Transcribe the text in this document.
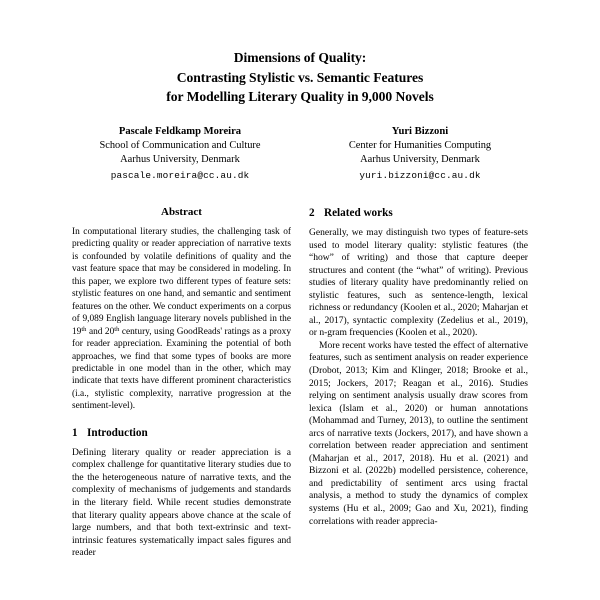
Dimensions of Quality:
Contrasting Stylistic vs. Semantic Features
for Modelling Literary Quality in 9,000 Novels
Pascale Feldkamp Moreira
School of Communication and Culture
Aarhus University, Denmark
pascale.moreira@cc.au.dk
Yuri Bizzoni
Center for Humanities Computing
Aarhus University, Denmark
yuri.bizzoni@cc.au.dk
Abstract

In computational literary studies, the challenging task of predicting quality or reader appreciation of narrative texts is confounded by volatile definitions of quality and the vast feature space that may be considered in modeling. In this paper, we explore two different types of feature sets: stylistic features on one hand, and semantic and sentiment features on the other. We conduct experiments on a corpus of 9,089 English language literary novels published in the 19th and 20th century, using GoodReads' ratings as a proxy for reader appreciation. Examining the potential of both approaches, we find that some types of books are more predictable in one model than in the other, which may indicate that texts have different prominent characteristics (i.a., stylistic complexity, narrative progression at the sentiment-level).

1 Introduction

Defining literary quality or reader appreciation is a complex challenge for quantitative literary studies due to the the heterogeneous nature of narrative texts, and the complexity of mechanisms of judgements and standards in the literary field. While recent studies demonstrate that literary quality appears above chance at the scale of large numbers, and that both text-extrinsic and text-intrinsic features systematically impact sales figures and reader

2 Related works

Generally, we may distinguish two types of feature-sets used to model literary quality: stylistic features (the “how” of writing) and those that capture deeper structures and content (the “what” of writing). Previous studies of literary quality have predominantly relied on stylistic features, such as sentence-length, lexical richness or redundancy (Koolen et al., 2020; Maharjan et al., 2017), syntactic complexity (Zedelius et al., 2019), or n-gram frequencies (Koolen et al., 2020).

More recent works have tested the effect of alternative features, such as sentiment analysis on reader experience (Drobot, 2013; Kim and Klinger, 2018; Brooke et al., 2015; Jockers, 2017; Reagan et al., 2016). Studies relying on sentiment analysis usually draw scores from lexica (Islam et al., 2020) or human annotations (Mohammad and Turney, 2013), to outline the sentiment arcs of narrative texts (Jockers, 2017), and have shown a correlation between reader appreciation and sentiment (Maharjan et al., 2017, 2018). Hu et al. (2021) and Bizzoni et al. (2022b) modelled persistence, coherence, and predictability of sentiment arcs using fractal analysis, a method to study the dynamics of complex systems (Hu et al., 2009; Gao and Xu, 2021), finding correlations with reader apprecia-
